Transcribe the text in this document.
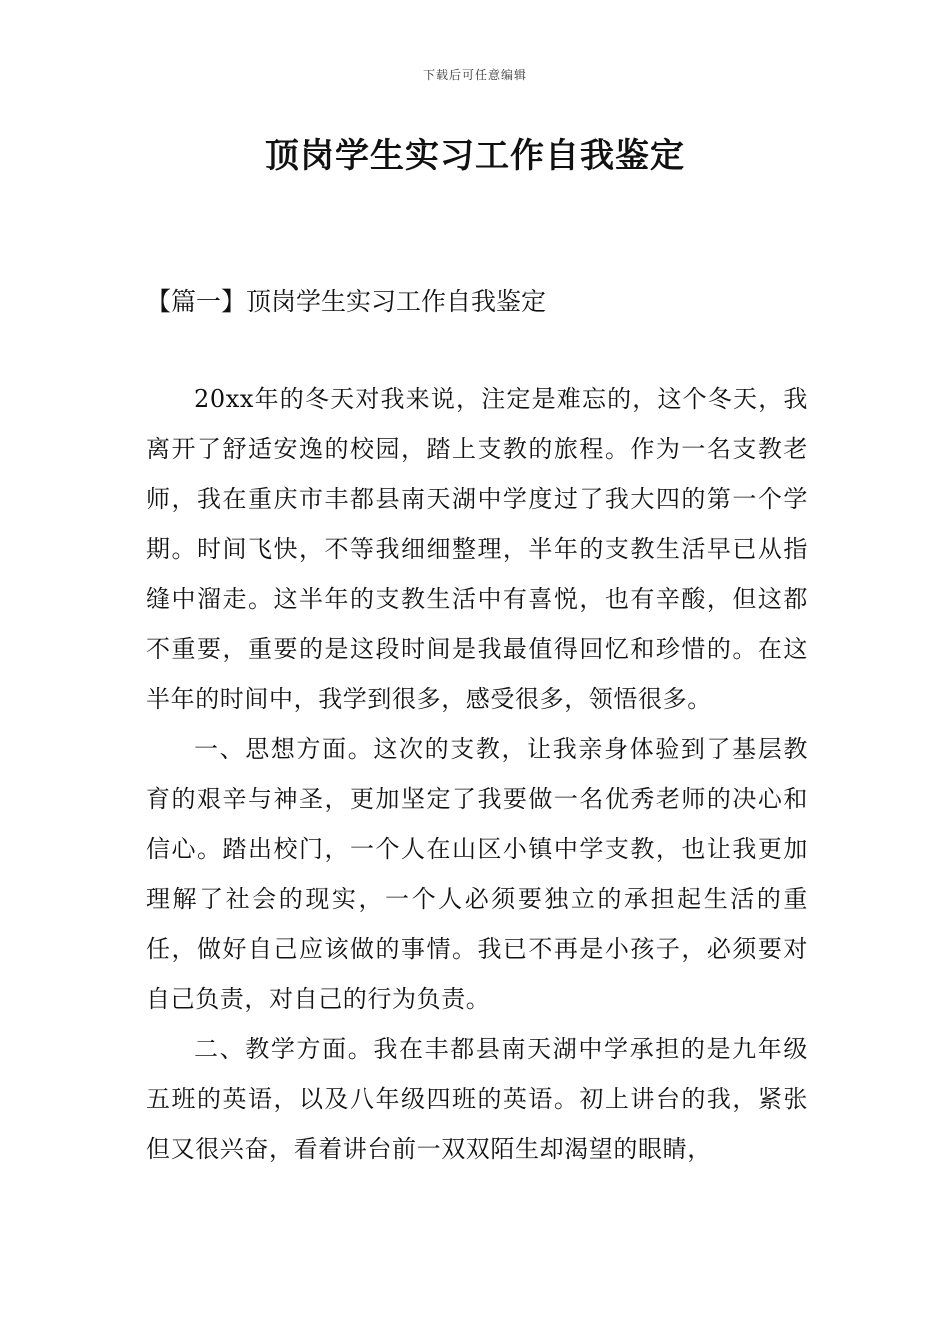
下载后可任意编辑
顶岗学生实习工作自我鉴定
【篇一】顶岗学生实习工作自我鉴定

20xx年的冬天对我来说，注定是难忘的，这个冬天，我离开了舒适安逸的校园，踏上支教的旅程。作为一名支教老师，我在重庆市丰都县南天湖中学度过了我大四的第一个学期。时间飞快，不等我细细整理，半年的支教生活早已从指缝中溜走。这半年的支教生活中有喜悦，也有辛酸，但这都不重要，重要的是这段时间是我最值得回忆和珍惜的。在这半年的时间中，我学到很多，感受很多，领悟很多。

一、思想方面。这次的支教，让我亲身体验到了基层教育的艰辛与神圣，更加坚定了我要做一名优秀老师的决心和信心。踏出校门，一个人在山区小镇中学支教，也让我更加理解了社会的现实，一个人必须要独立的承担起生活的重任，做好自己应该做的事情。我已不再是小孩子，必须要对自己负责，对自己的行为负责。

二、教学方面。我在丰都县南天湖中学承担的是九年级五班的英语，以及八年级四班的英语。初上讲台的我，紧张但又很兴奋，看着讲台前一双双陌生却渴望的眼睛，
